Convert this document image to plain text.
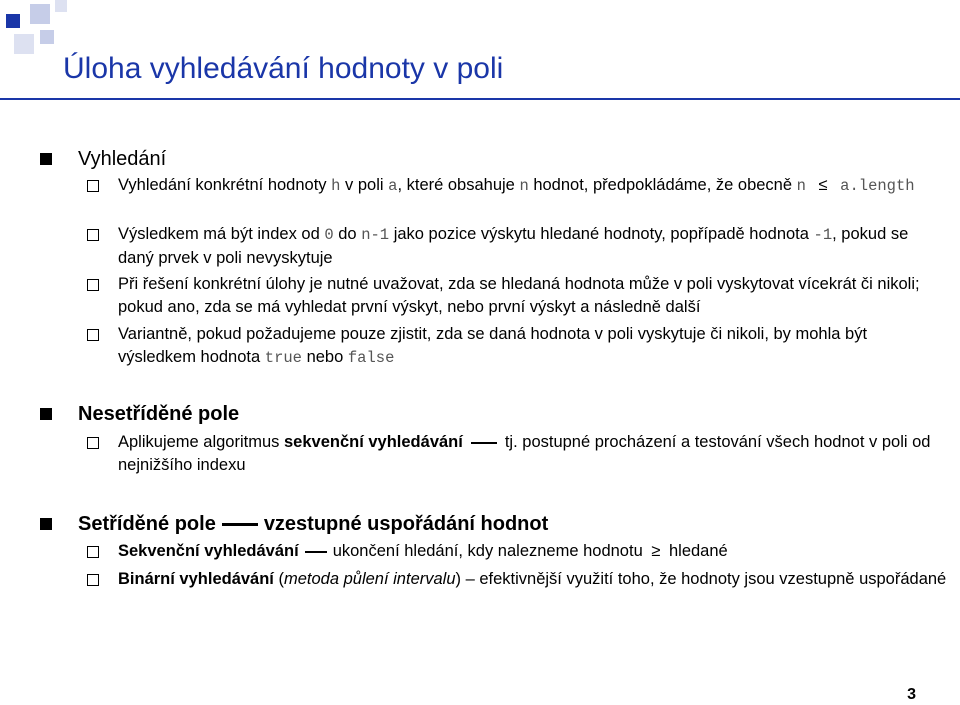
Úloha vyhledávání hodnoty v poli
Vyhledání
Vyhledání konkrétní hodnoty h v poli a, které obsahuje n hodnot, předpokládáme, že obecně n ≤ a.length
Výsledkem má být index od 0 do n-1 jako pozice výskytu hledané hodnoty, popřípadě hodnota -1, pokud se daný prvek v poli nevyskytuje
Při řešení konkrétní úlohy je nutné uvažovat, zda se hledaná hodnota může v poli vyskytovat vícekrát či nikoli; pokud ano, zda se má vyhledat první výskyt, nebo první výskyt a následně další
Variantně, pokud požadujeme pouze zjistit, zda se daná hodnota v poli vyskytuje či nikoli, by mohla být výsledkem hodnota true nebo false
Nesetříděné pole
Aplikujeme algoritmus sekvenční vyhledávání	tj. postupné procházení a testování všech hodnot v poli od nejnižšího indexu
Setříděné pole vzestupné uspořádání hodnot
Sekvenční vyhledávání ukončení hledání, kdy nalezneme hodnotu ≥ hledané
Binární vyhledávání (metoda půlení intervalu) – efektivnější využití toho, že hodnoty jsou vzestupně uspořádané
3
